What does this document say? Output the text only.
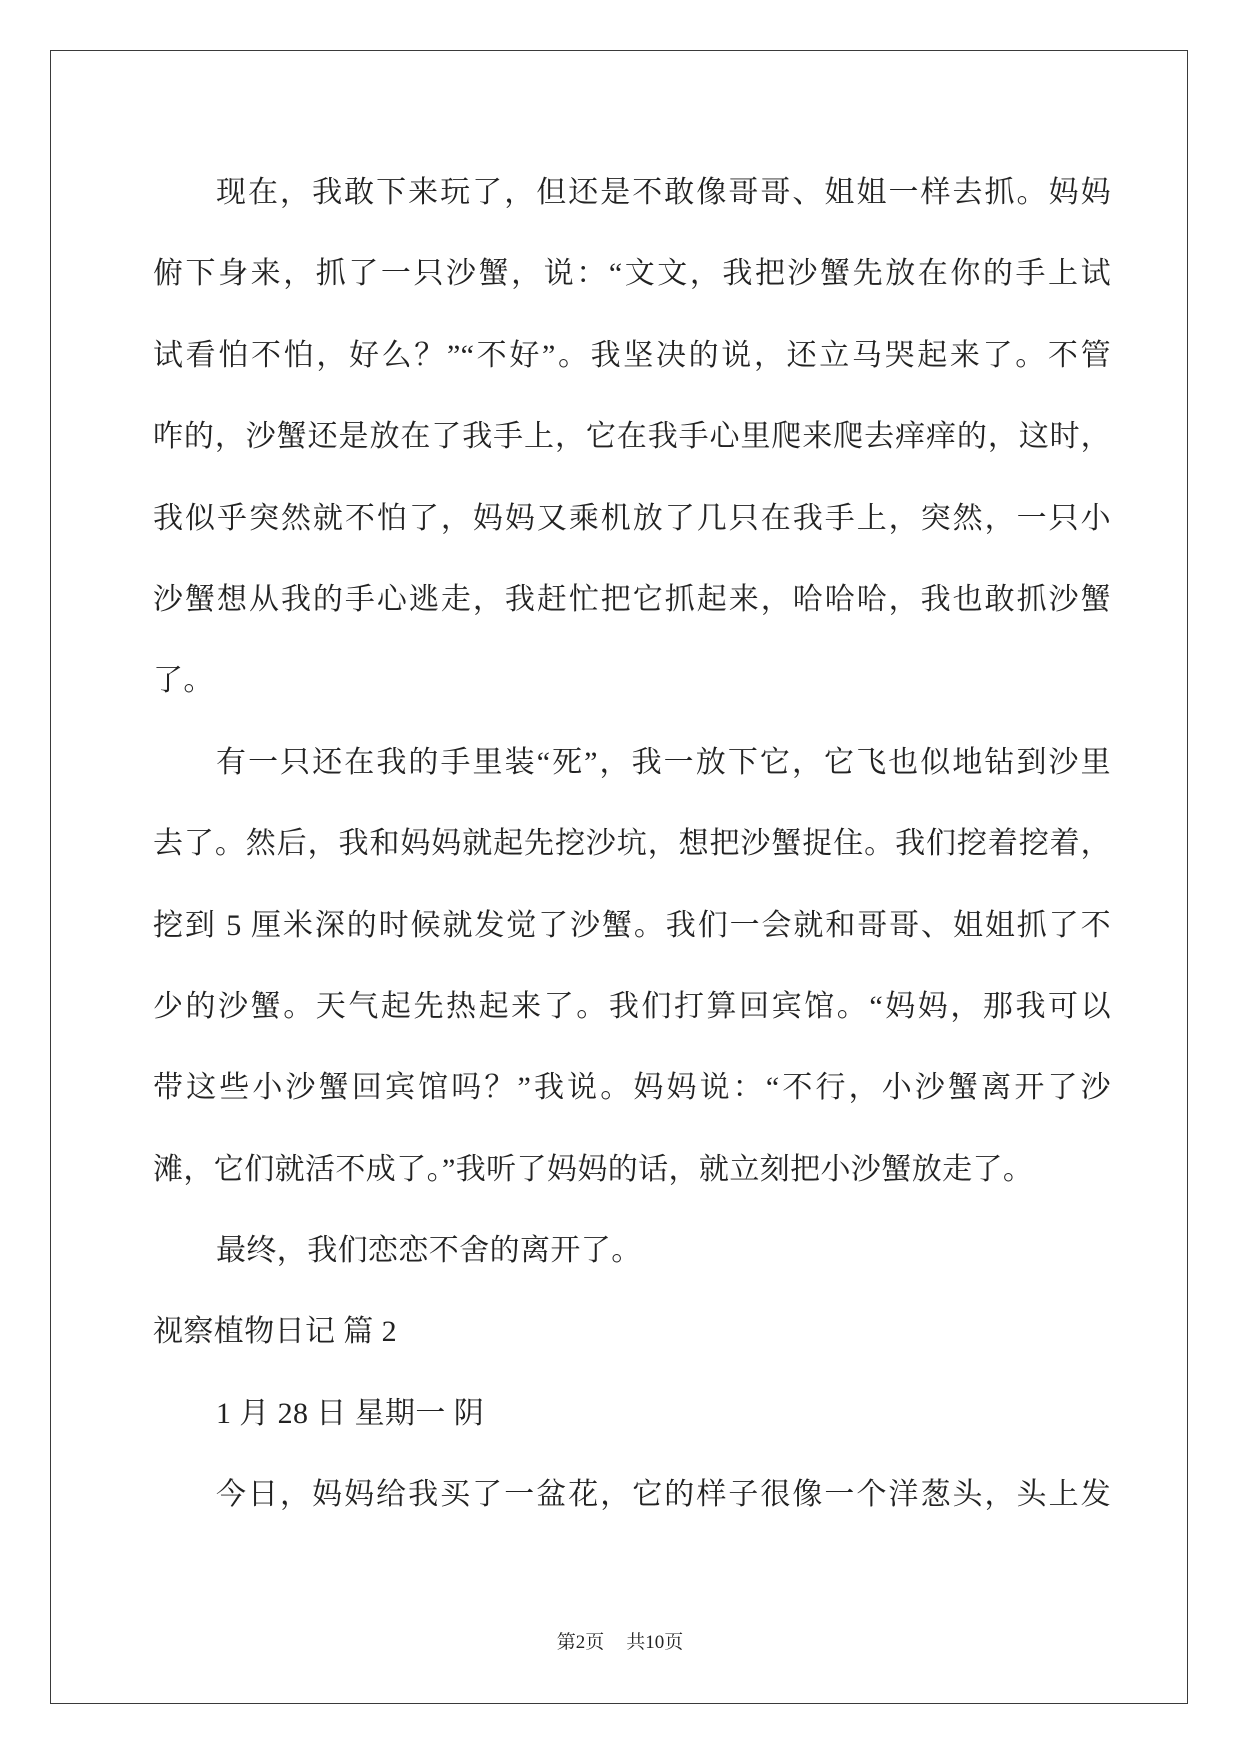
现在，我敢下来玩了，但还是不敢像哥哥、姐姐一样去抓。妈妈
俯下身来，抓了一只沙蟹，说：“文文，我把沙蟹先放在你的手上试
试看怕不怕，好么？”“不好”。我坚决的说，还立马哭起来了。不管
咋的，沙蟹还是放在了我手上，它在我手心里爬来爬去痒痒的，这时，
我似乎突然就不怕了，妈妈又乘机放了几只在我手上，突然，一只小
沙蟹想从我的手心逃走，我赶忙把它抓起来，哈哈哈，我也敢抓沙蟹
了。
有一只还在我的手里装“死”，我一放下它，它飞也似地钻到沙里
去了。然后，我和妈妈就起先挖沙坑，想把沙蟹捉住。我们挖着挖着，
挖到 5 厘米深的时候就发觉了沙蟹。我们一会就和哥哥、姐姐抓了不
少的沙蟹。天气起先热起来了。我们打算回宾馆。“妈妈，那我可以
带这些小沙蟹回宾馆吗？”我说。妈妈说：“不行，小沙蟹离开了沙
滩，它们就活不成了。”我听了妈妈的话，就立刻把小沙蟹放走了。
最终，我们恋恋不舍的离开了。
视察植物日记 篇 2
1 月 28 日 星期一 阴
今日，妈妈给我买了一盆花，它的样子很像一个洋葱头，头上发
第2页 共10页
